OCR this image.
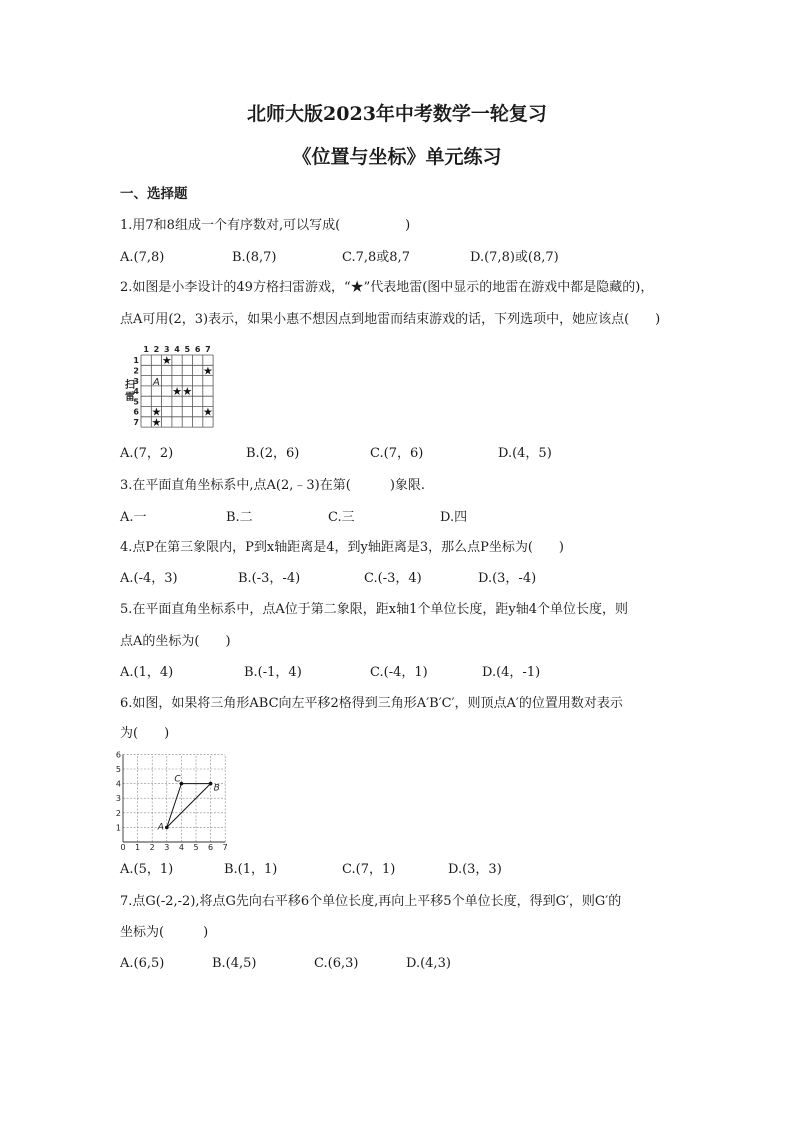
北师大版2023年中考数学一轮复习
《位置与坐标》单元练习
一、选择题
1.用7和8组成一个有序数对,可以写成(　　　　　)
A.(7,8)	B.(8,7)	C.7,8或8,7	D.(7,8)或(8,7)
2.如图是小李设计的49方格扫雷游戏，“★”代表地雷(图中显示的地雷在游戏中都是隐藏的)，
点A可用(2，3)表示，如果小惠不想因点到地雷而结束游戏的话，下列选项中，她应该点(　　)
1 2 3 4 5 6 7
1
2
3
4
5
6
7
扫
雷
★
★
★ ★
★	★
★
A
A.(7，2)	B.(2，6)	C.(7，6)	D.(4，5)
3.在平面直角坐标系中,点A(2,﹣3)在第(　　　)象限.
A.一	B.二	C.三	D.四
4.点P在第三象限内，P到x轴距离是4，到y轴距离是3，那么点P坐标为(　　)
A.(-4，3)	B.(-3，-4)	C.(-3，4)	D.(3，-4)
5.在平面直角坐标系中，点A位于第二象限，距x轴1个单位长度，距y轴4个单位长度，则
点A的坐标为(　　)
A.(1，4)	B.(-1，4)	C.(-4，1)	D.(4，-1)
6.如图，如果将三角形ABC向左平移2格得到三角形A′B′C′，则顶点A′的位置用数对表示
为(　　)
0 1 2 3 4 5 6 7
1
2
3
4
5
6
A
B
C
A.(5，1)	B.(1，1)	C.(7，1)	D.(3，3)
7.点G(-2,-2),将点G先向右平移6个单位长度,再向上平移5个单位长度，得到G′，则G′的
坐标为(　　　)
A.(6,5)	B.(4,5)	C.(6,3)	D.(4,3)
